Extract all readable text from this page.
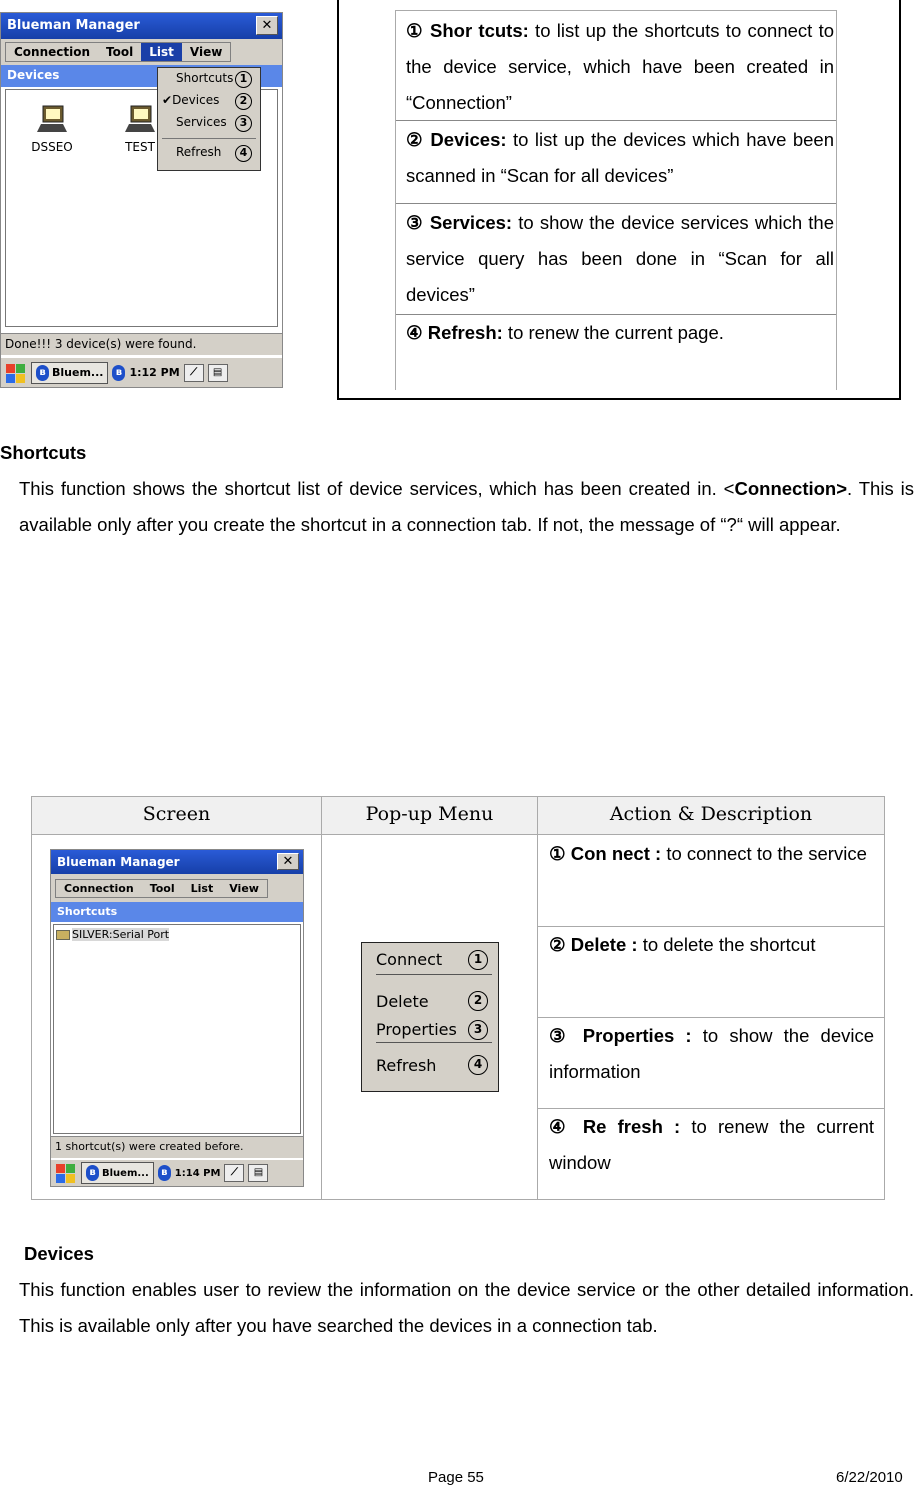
Blueman Manager	✕
Connection	Tool	List	View
Devices
DSSEO	TEST
Shortcuts 1
✔Devices	2
Services	3
Refresh	4
Done!!! 3 device(s) were found.
ʙ Bluem...	ʙ 1:12 PM	⟋	▤
① Shor tcuts: to list up the shortcuts to connect to the device service, which have been created in “Connection”
② Devices: to list up the devices which have been scanned in “Scan for all devices”
③ Services: to show the device services which the service query has been done in “Scan for all devices”
④ Refresh: to renew the current page.
Shortcuts
This function shows the shortcut list of device services, which has been created in. <Connection>. This is available only after you create the shortcut in a connection tab. If not, the message of “?“ will appear.
Screen	Pop-up Menu	Action & Description
Blueman Manager	✕
Connection	Tool	List	View
Shortcuts
SILVER:Serial Port
1 shortcut(s) were created before.
ʙ Bluem...	ʙ 1:14 PM	⟋	▤
Connect	1
Delete	2
Properties	3
Refresh	4
① Con nect : to connect to the service
② Delete : to delete the shortcut
③ Properties : to show the device information
④ Re fresh : to renew the current window
Devices
This function enables user to review the information on the device service or the other detailed information. This is available only after you have searched the devices in a connection tab.
Page 55	6/22/2010
